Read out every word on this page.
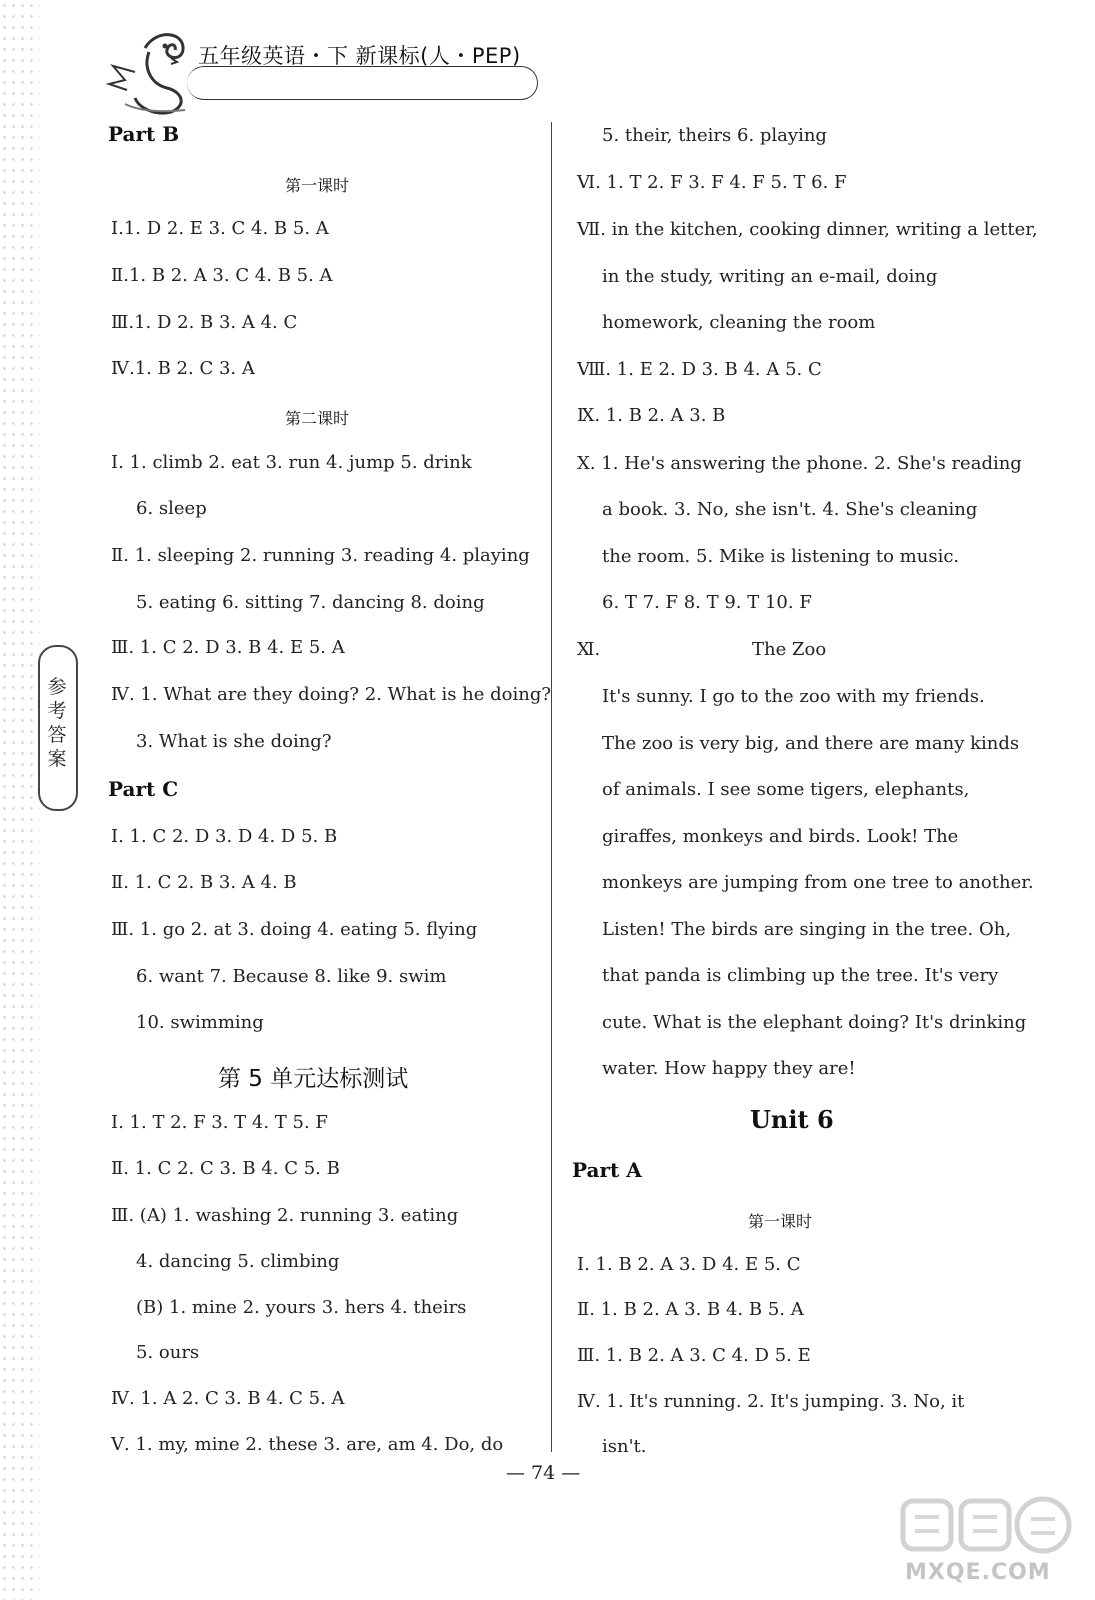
五年级英语・下 新课标(人・PEP)
Part B
第一课时
Ⅰ.1. D 2. E 3. C 4. B 5. A
Ⅱ.1. B 2. A 3. C 4. B 5. A
Ⅲ.1. D 2. B 3. A 4. C
Ⅳ.1. B 2. C 3. A
第二课时
Ⅰ. 1. climb 2. eat 3. run 4. jump 5. drink
6. sleep
Ⅱ. 1. sleeping 2. running 3. reading 4. playing
5. eating 6. sitting 7. dancing 8. doing
Ⅲ. 1. C 2. D 3. B 4. E 5. A
Ⅳ. 1. What are they doing? 2. What is he doing?
3. What is she doing?
Part C
Ⅰ. 1. C 2. D 3. D 4. D 5. B
Ⅱ. 1. C 2. B 3. A 4. B
Ⅲ. 1. go 2. at 3. doing 4. eating 5. flying
6. want 7. Because 8. like 9. swim
10. swimming
第 5 单元达标测试
Ⅰ. 1. T 2. F 3. T 4. T 5. F
Ⅱ. 1. C 2. C 3. B 4. C 5. B
Ⅲ. (A) 1. washing 2. running 3. eating
4. dancing 5. climbing
(B) 1. mine 2. yours 3. hers 4. theirs
5. ours
Ⅳ. 1. A 2. C 3. B 4. C 5. A
Ⅴ. 1. my, mine 2. these 3. are, am 4. Do, do
参考答案
5. their, theirs 6. playing
Ⅵ. 1. T 2. F 3. F 4. F 5. T 6. F
Ⅶ. in the kitchen, cooking dinner, writing a letter,
in the study, writing an e-mail, doing
homework, cleaning the room
Ⅷ. 1. E 2. D 3. B 4. A 5. C
Ⅸ. 1. B 2. A 3. B
Ⅹ. 1. He's answering the phone. 2. She's reading
a book. 3. No, she isn't. 4. She's cleaning
the room. 5. Mike is listening to music.
6. T 7. F 8. T 9. T 10. F
Ⅺ.	The Zoo
It's sunny. I go to the zoo with my friends.
The zoo is very big, and there are many kinds
of animals. I see some tigers, elephants,
giraffes, monkeys and birds. Look! The
monkeys are jumping from one tree to another.
Listen! The birds are singing in the tree. Oh,
that panda is climbing up the tree. It's very
cute. What is the elephant doing? It's drinking
water. How happy they are!
Unit 6
Part A
第一课时
Ⅰ. 1. B 2. A 3. D 4. E 5. C
Ⅱ. 1. B 2. A 3. B 4. B 5. A
Ⅲ. 1. B 2. A 3. C 4. D 5. E
Ⅳ. 1. It's running. 2. It's jumping. 3. No, it
isn't.
— 74 —
MXQE.COM
